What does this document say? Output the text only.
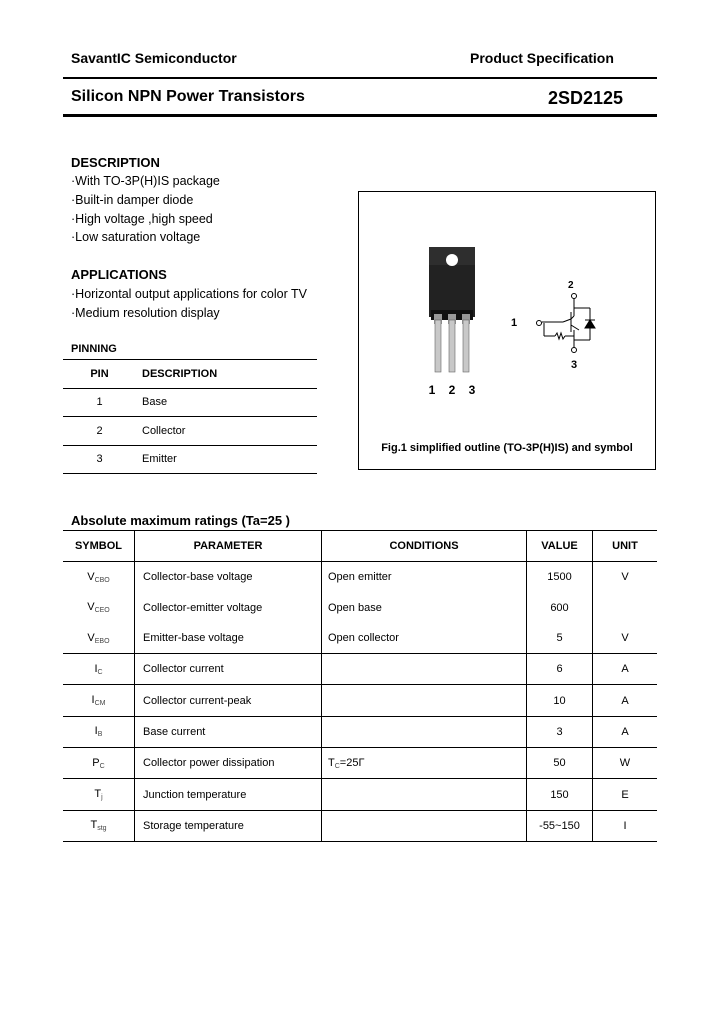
SavantIC Semiconductor	Product Specification
Silicon NPN Power Transistors	2SD2125
DESCRIPTION
·With TO-3P(H)IS package
·Built-in damper diode
·High voltage ,high speed
·Low saturation voltage
APPLICATIONS
·Horizontal output applications for color TV
·Medium resolution display
PINNING
PIN	DESCRIPTION
1	Base
2	Collector
3	Emitter
1 2 3
2
1
3
Fig.1 simplified outline (TO-3P(H)IS) and symbol
Absolute maximum ratings (Ta=25 )
SYMBOL	PARAMETER	CONDITIONS	VALUE	UNIT
$V_{CBO}$	Collector-base voltage	Open emitter	1500	V
$V_{CEO}$	Collector-emitter voltage	Open base	600	
$V_{EBO}$	Emitter-base voltage	Open collector	5	V
$I_C$	Collector current		6	A
$I_{CM}$	Collector current-peak		10	A
$I_B$	Base current		3	A
$P_C$	Collector power dissipation	$T_C=25\Gamma$	50	W
$T_j$	Junction temperature		150	Ε
$T_{stg}$	Storage temperature		-55~150	Ι
